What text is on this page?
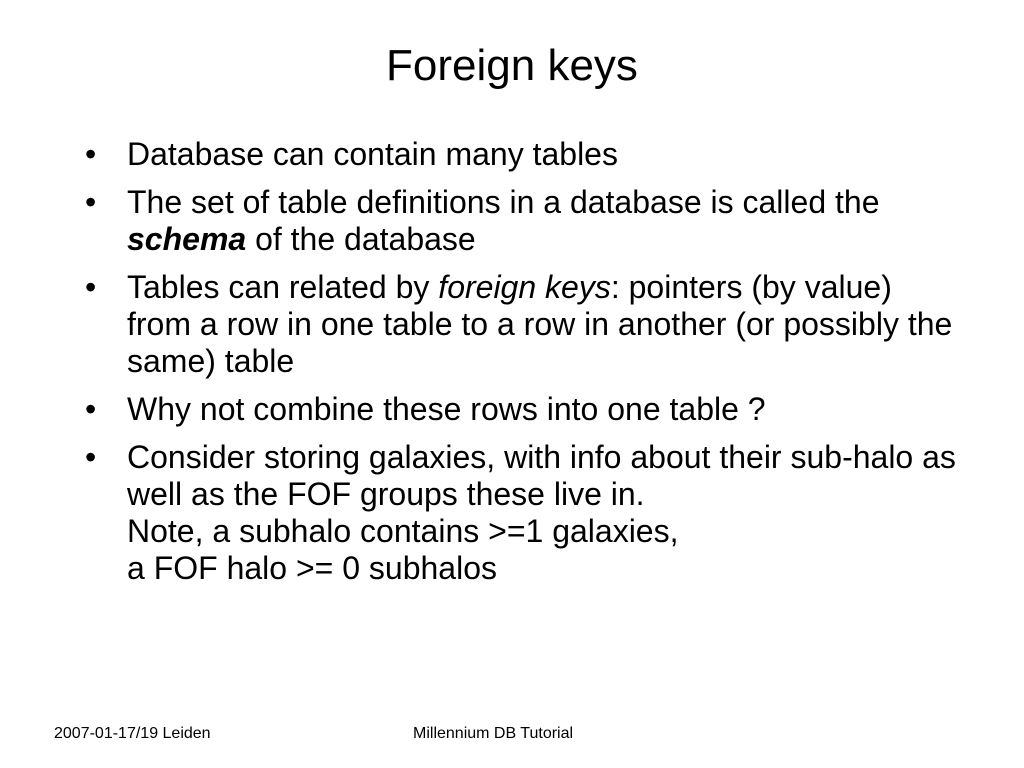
Foreign keys
• Database can contain many tables
• The set of table definitions in a database is called the schema of the database
• Tables can related by foreign keys: pointers (by value) from a row in one table to a row in another (or possibly the same) table
• Why not combine these rows into one table ?
• Consider storing galaxies, with info about their sub-halo as well as the FOF groups these live in.
Note, a subhalo contains >=1 galaxies,
a FOF halo >= 0 subhalos
2007-01-17/19 Leiden	Millennium DB Tutorial
